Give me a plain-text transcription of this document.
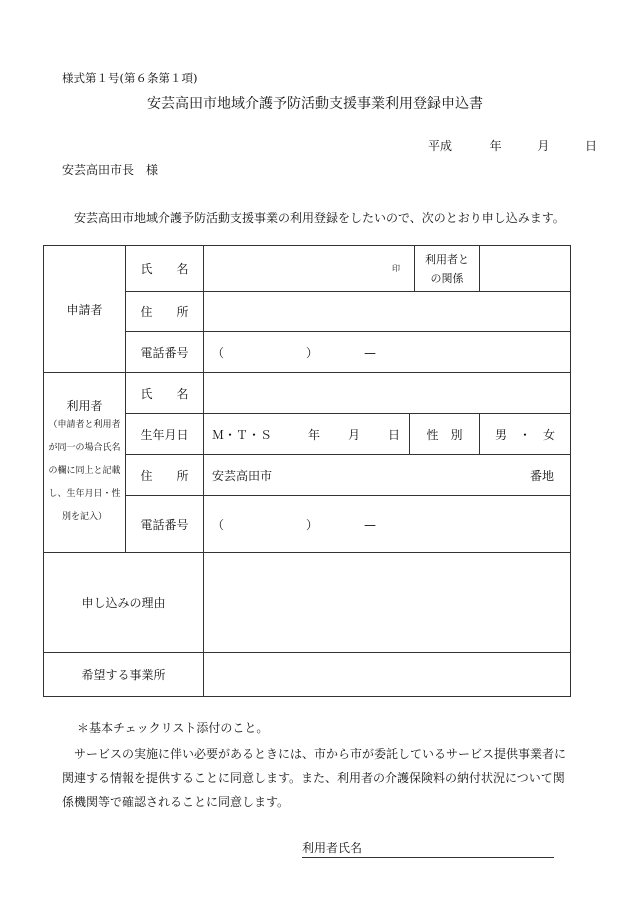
様式第１号(第６条第１項)
安芸高田市地域介護予防活動支援事業利用登録申込書
平成	年	月	日
安芸高田市長　様
安芸高田市地域介護予防活動支援事業の利用登録をしたいので、次のとおり申し込みます。
申請者	氏　　名	印		利用者との関係	
	住　　所				
	電話番号	（ ） —			

利用者
（申請者と利用者が同一の場合氏名の欄に同上と記載し、生年月日・性別を記入）	氏　　名				
	生年月日	Ｍ・Ｔ・Ｓ 年 月 日	性　別		男　・　女
	住　　所	安芸高田市 番地			

	電話番号	（ ） —			
申し込みの理由					
希望する事業所					
＊基本チェックリスト添付のこと。
サービスの実施に伴い必要があるときには、市から市が委託しているサービス提供事業者に関連する情報を提供することに同意します。また、利用者の介護保険料の納付状況について関係機関等で確認されることに同意します。
利用者氏名
